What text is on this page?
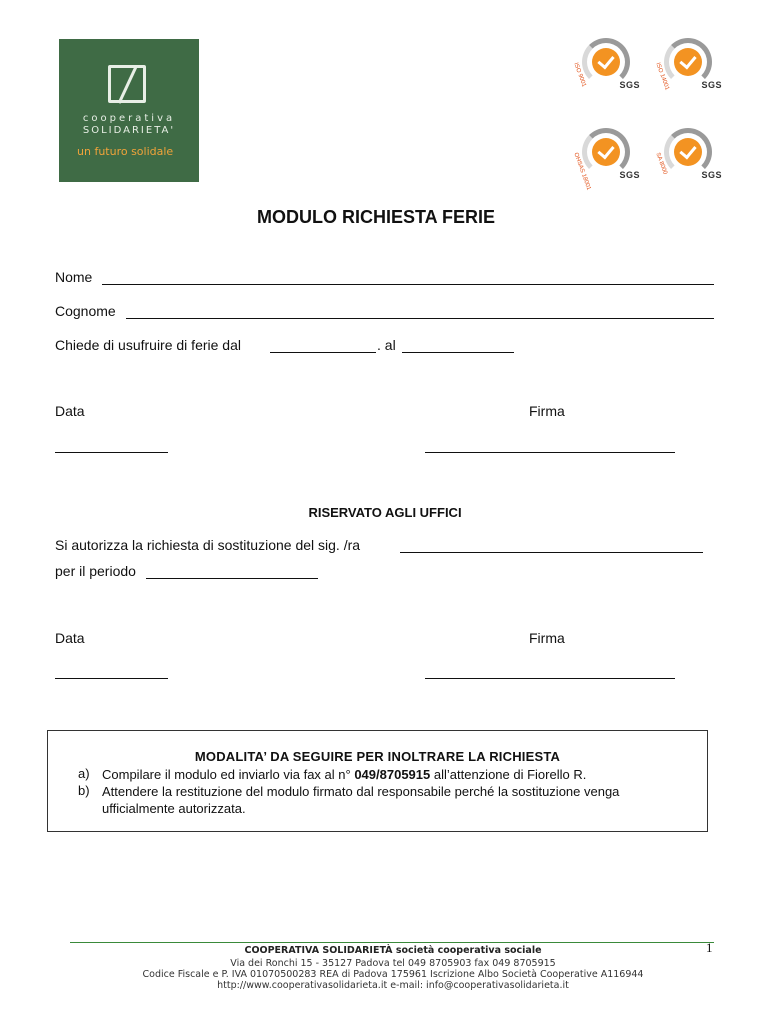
cooperativa
SOLIDARIETA'
un futuro solidale
ISO 9001	SGS ISO 14001	SGS
OHSAS 18001	SGS SA 8000	SGS
MODULO RICHIESTA FERIE
Nome
Cognome
Chiede di usufruire di ferie dal	. al
Data	Firma
RISERVATO AGLI UFFICI
Si autorizza la richiesta di sostituzione del sig. /ra
per il periodo
Data	Firma
MODALITA’ DA SEGUIRE PER INOLTRARE LA RICHIESTA
a) Compilare il modulo ed inviarlo via fax al n° 049/8705915 all’attenzione di Fiorello R.
b) Attendere la restituzione del modulo firmato dal responsabile perché la sostituzione venga ufficialmente autorizzata.
1
COOPERATIVA SOLIDARIETÀ società cooperativa sociale
Via dei Ronchi 15 - 35127 Padova tel 049 8705903 fax 049 8705915
Codice Fiscale e P. IVA 01070500283 REA di Padova 175961 Iscrizione Albo Società Cooperative A116944
http://www.cooperativasolidarieta.it e-mail: info@cooperativasolidarieta.it
